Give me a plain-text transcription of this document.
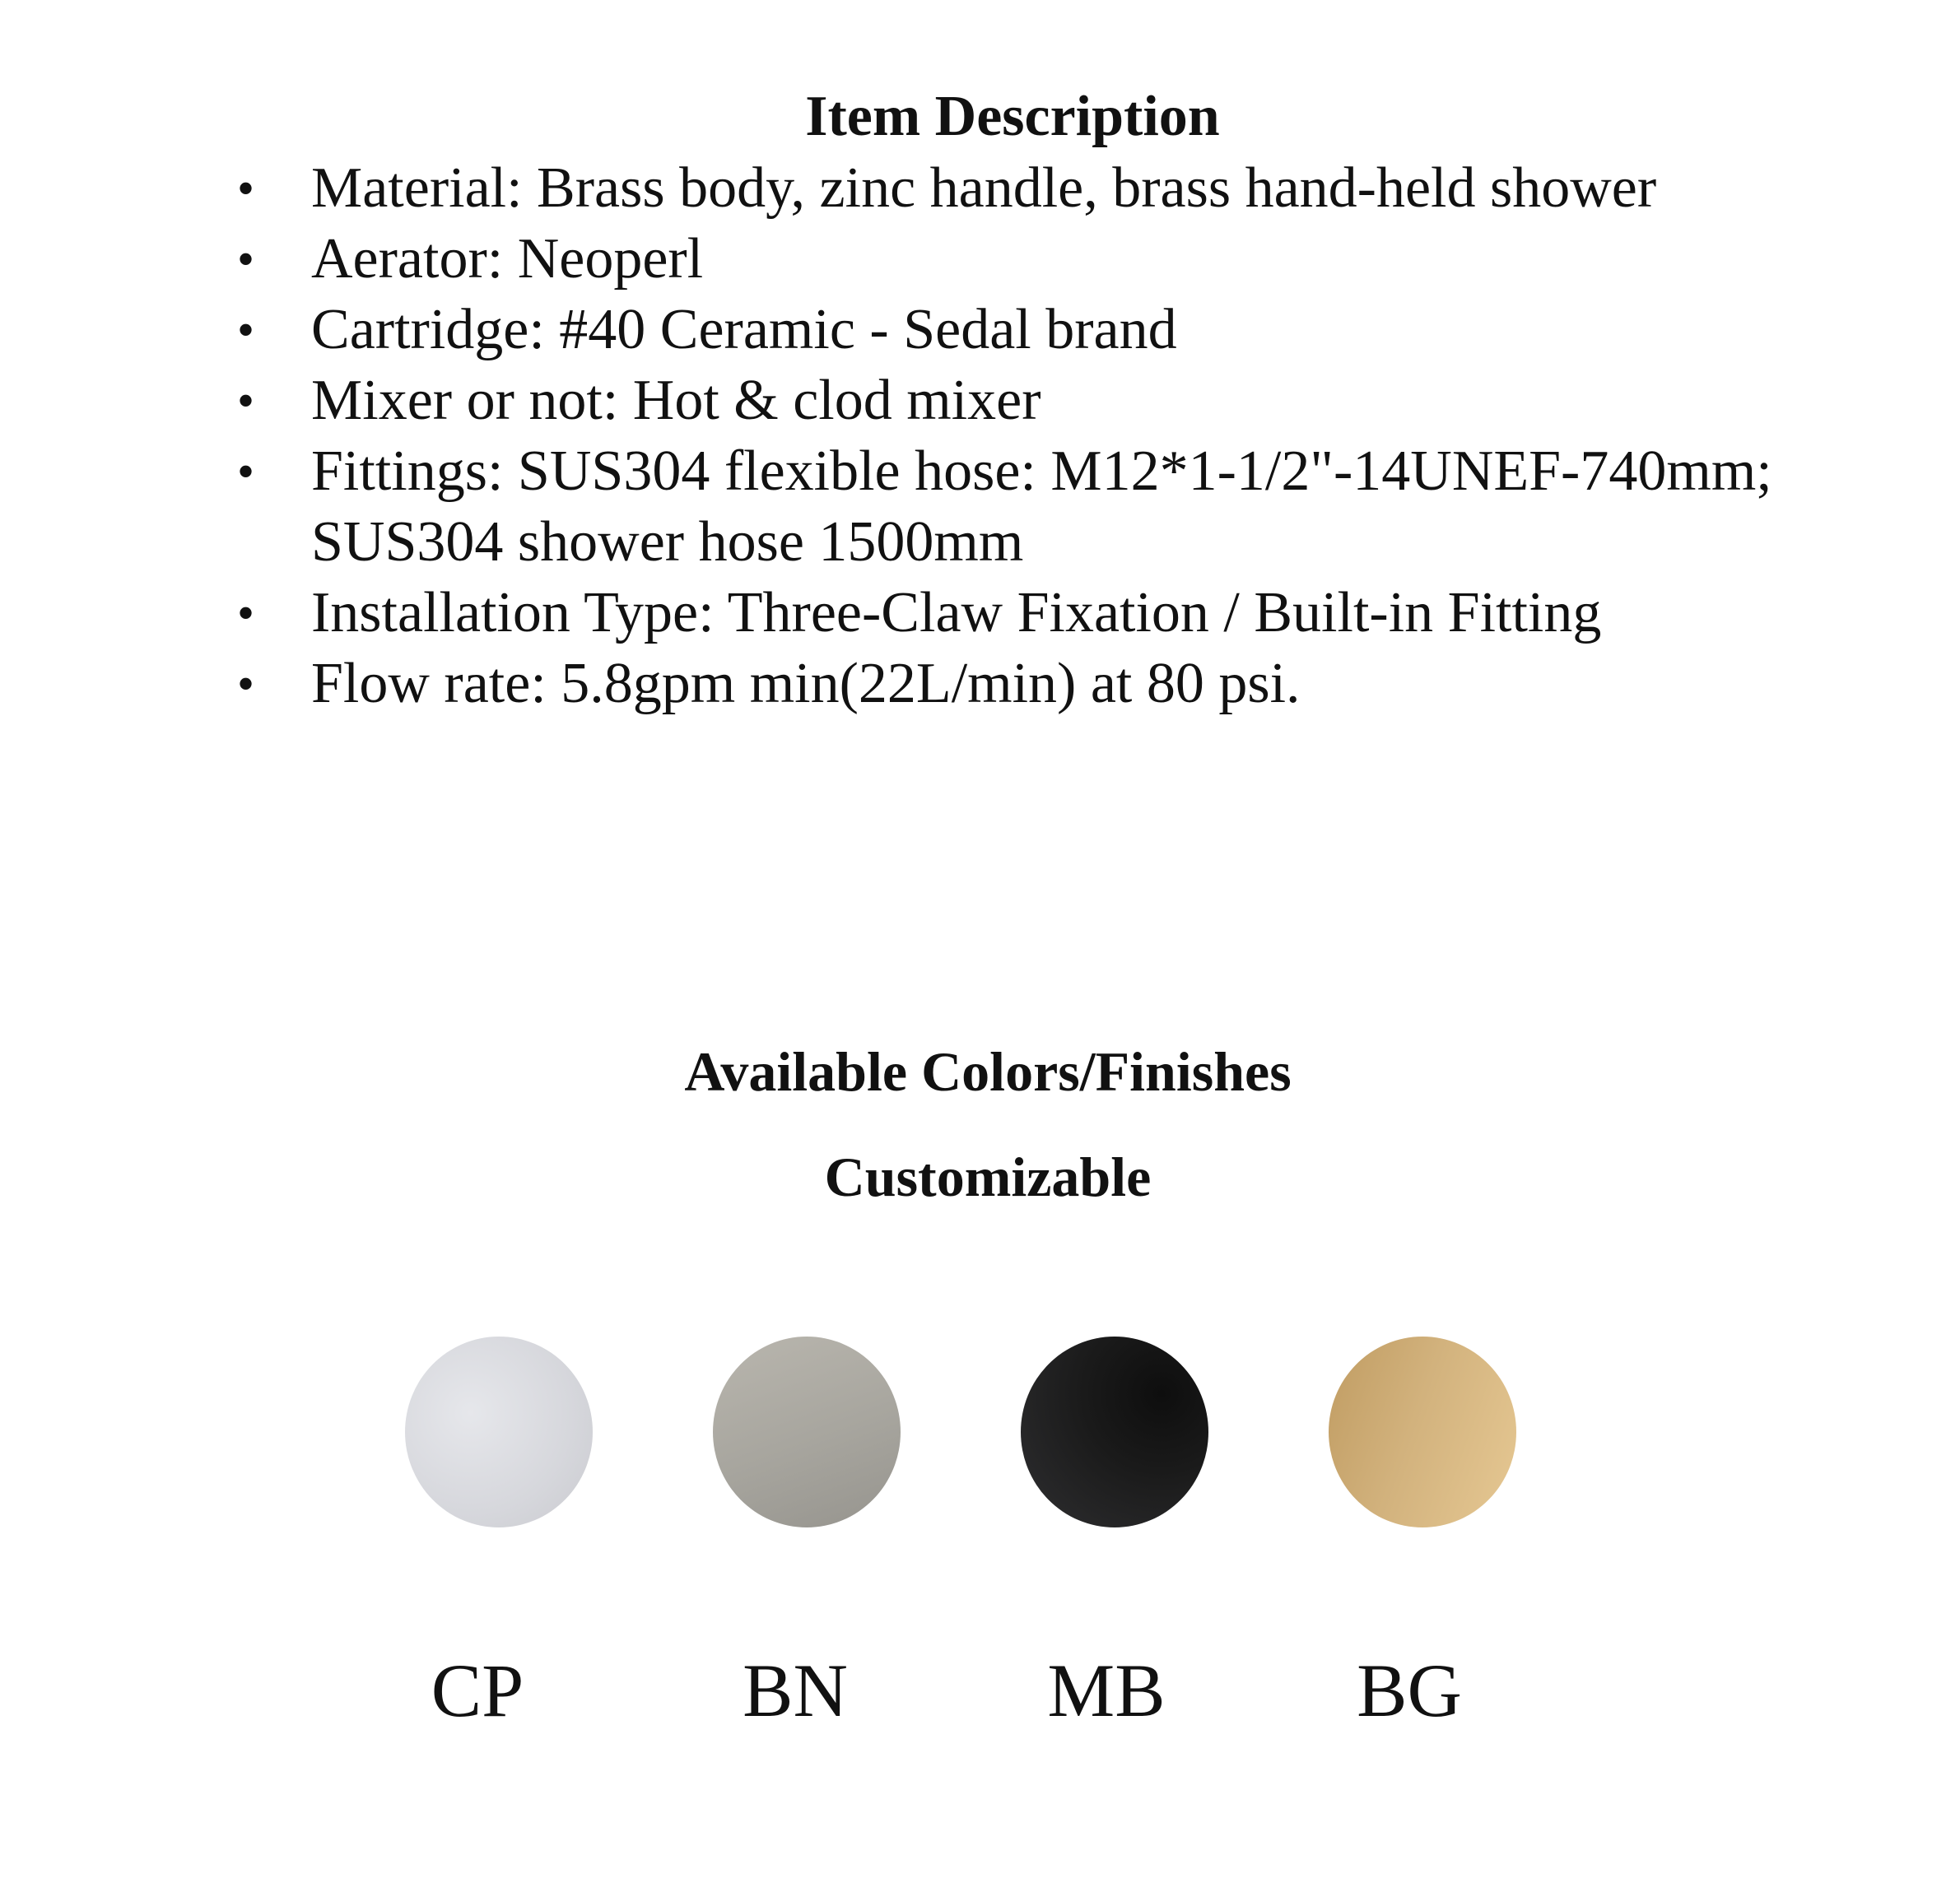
Item Description
• Material: Brass body, zinc handle, brass hand-held shower
• Aerator: Neoperl
• Cartridge: #40 Ceramic - Sedal brand
• Mixer or not: Hot & clod mixer
• Fittings: SUS304 flexible hose: M12*1-1/2"-14UNEF-740mm; SUS304 shower hose 1500mm
• Installation Type: Three-Claw Fixation / Built-in Fitting
• Flow rate: 5.8gpm min(22L/min) at 80 psi.
Available Colors/Finishes
Customizable
CP	BN	MB	BG
